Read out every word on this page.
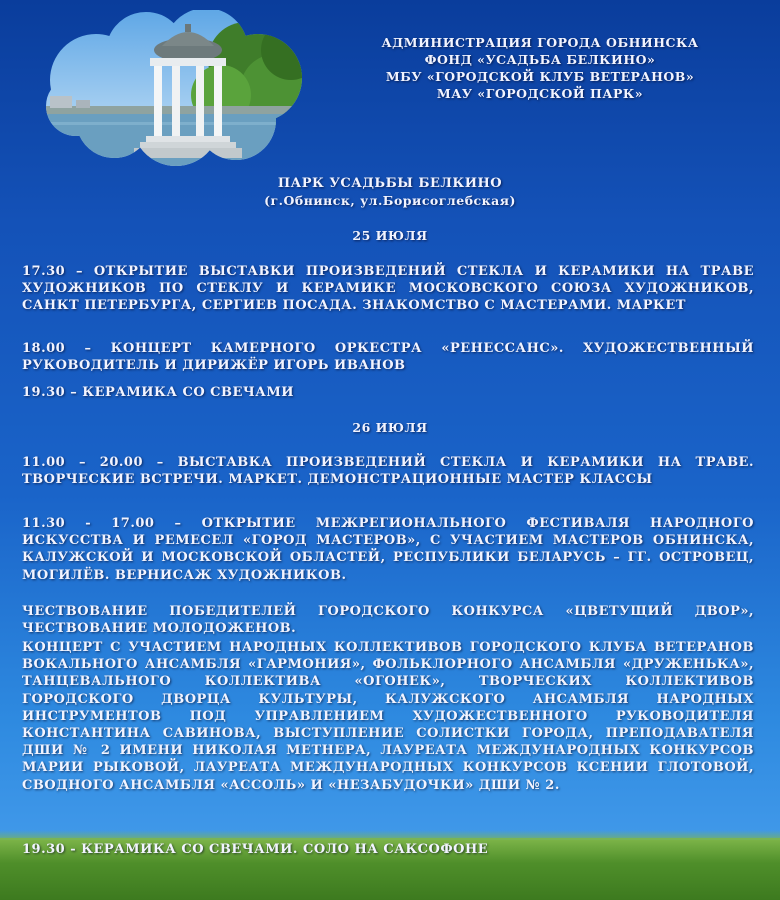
АДМИНИСТРАЦИЯ ГОРОДА ОБНИНСКА
ФОНД «УСАДЬБА БЕЛКИНО»
МБУ «ГОРОДСКОЙ КЛУБ ВЕТЕРАНОВ»
МАУ «ГОРОДСКОЙ ПАРК»
ПАРК УСАДЬБЫ БЕЛКИНО
(г.Обнинск, ул.Борисоглебская)
25 ИЮЛЯ
17.30 – ОТКРЫТИЕ ВЫСТАВКИ ПРОИЗВЕДЕНИЙ СТЕКЛА И КЕРАМИКИ НА ТРАВЕ ХУДОЖНИКОВ ПО СТЕКЛУ И КЕРАМИКЕ МОСКОВСКОГО СОЮЗА ХУДОЖНИКОВ, САНКТ ПЕТЕРБУРГА, СЕРГИЕВ ПОСАДА. ЗНАКОМСТВО С МАСТЕРАМИ. МАРКЕТ
18.00 – КОНЦЕРТ КАМЕРНОГО ОРКЕСТРА «РЕНЕССАНС». ХУДОЖЕСТВЕННЫЙ РУКОВОДИТЕЛЬ И ДИРИЖЁР ИГОРЬ ИВАНОВ
19.30 – КЕРАМИКА СО СВЕЧАМИ
26 ИЮЛЯ
11.00 – 20.00 – ВЫСТАВКА ПРОИЗВЕДЕНИЙ СТЕКЛА И КЕРАМИКИ НА ТРАВЕ. ТВОРЧЕСКИЕ ВСТРЕЧИ. МАРКЕТ. ДЕМОНСТРАЦИОННЫЕ МАСТЕР КЛАССЫ
11.30 - 17.00 – ОТКРЫТИЕ МЕЖРЕГИОНАЛЬНОГО ФЕСТИВАЛЯ НАРОДНОГО ИСКУССТВА И РЕМЕСЕЛ «ГОРОД МАСТЕРОВ», С УЧАСТИЕМ МАСТЕРОВ ОБНИНСКА, КАЛУЖСКОЙ И МОСКОВСКОЙ ОБЛАСТЕЙ, РЕСПУБЛИКИ БЕЛАРУСЬ – ГГ. ОСТРОВЕЦ, МОГИЛЁВ. ВЕРНИСАЖ ХУДОЖНИКОВ.
ЧЕСТВОВАНИЕ ПОБЕДИТЕЛЕЙ ГОРОДСКОГО КОНКУРСА «ЦВЕТУЩИЙ ДВОР», ЧЕСТВОВАНИЕ МОЛОДОЖЕНОВ.
КОНЦЕРТ С УЧАСТИЕМ НАРОДНЫХ КОЛЛЕКТИВОВ ГОРОДСКОГО КЛУБА ВЕТЕРАНОВ ВОКАЛЬНОГО АНСАМБЛЯ «ГАРМОНИЯ», ФОЛЬКЛОРНОГО АНСАМБЛЯ «ДРУЖЕНЬКА», ТАНЦЕВАЛЬНОГО КОЛЛЕКТИВА «ОГОНЕК», ТВОРЧЕСКИХ КОЛЛЕКТИВОВ ГОРОДСКОГО ДВОРЦА КУЛЬТУРЫ, КАЛУЖСКОГО АНСАМБЛЯ НАРОДНЫХ ИНСТРУМЕНТОВ ПОД УПРАВЛЕНИЕМ ХУДОЖЕСТВЕННОГО РУКОВОДИТЕЛЯ КОНСТАНТИНА САВИНОВА, ВЫСТУПЛЕНИЕ СОЛИСТКИ ГОРОДА, ПРЕПОДАВАТЕЛЯ ДШИ № 2 ИМЕНИ НИКОЛАЯ МЕТНЕРА, ЛАУРЕАТА МЕЖДУНАРОДНЫХ КОНКУРСОВ МАРИИ РЫКОВОЙ, ЛАУРЕАТА МЕЖДУНАРОДНЫХ КОНКУРСОВ КСЕНИИ ГЛОТОВОЙ, СВОДНОГО АНСАМБЛЯ «АССОЛЬ» И «НЕЗАБУДОЧКИ» ДШИ № 2.
19.30 - КЕРАМИКА СО СВЕЧАМИ. СОЛО НА САКСОФОНЕ
